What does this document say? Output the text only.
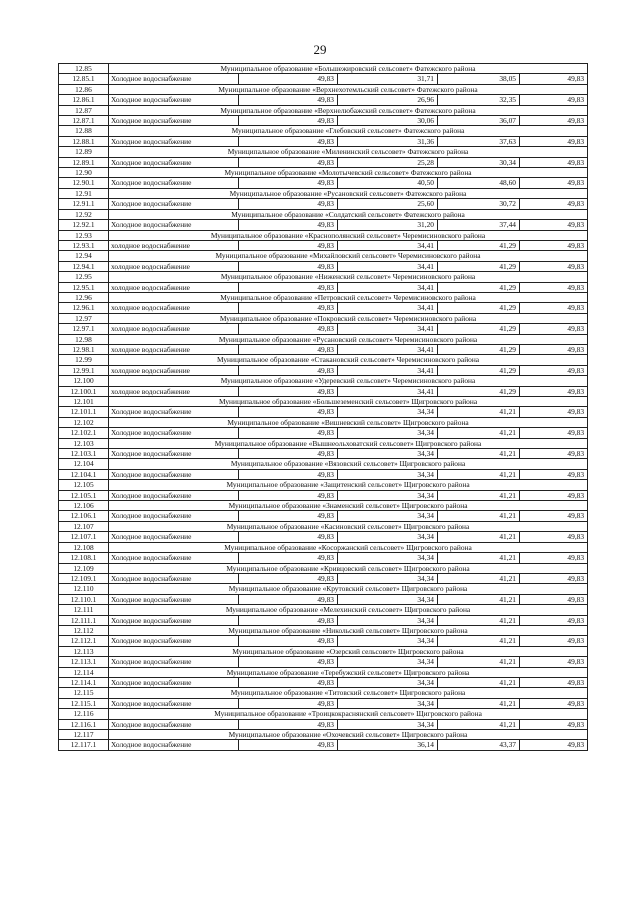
29
12.85	Муниципальное образование «Большежировский сельсовет» Фатежского района				
12.85.1	Холодное водоснабжение	49,83	31,71	38,05	49,83
12.86	Муниципальное образование «Верхнехотемльский сельсовет» Фатежского района				
12.86.1	Холодное водоснабжение	49,83	26,96	32,35	49,83
12.87	Муниципальное образование «Верхнелюбажский сельсовет» Фатежского района				
12.87.1	Холодное водоснабжение	49,83	30,06	36,07	49,83
12.88	Муниципальное образование «Глебовский сельсовет» Фатежского района				
12.88.1	Холодное водоснабжение	49,83	31,36	37,63	49,83
12.89	Муниципальное образование «Миленинский сельсовет» Фатежского района				
12.89.1	Холодное водоснабжение	49,83	25,28	30,34	49,83
12.90	Муниципальное образование «Молотычевский сельсовет» Фатежского района				
12.90.1	Холодное водоснабжение	49,83	40,50	48,60	49,83
12.91	Муниципальное образование «Русановский сельсовет» Фатежского района				
12.91.1	Холодное водоснабжение	49,83	25,60	30,72	49,83
12.92	Муниципальное образование «Солдатский сельсовет» Фатежского района				
12.92.1	Холодное водоснабжение	49,83	31,20	37,44	49,83
12.93	Муниципальное образование «Краснополянский сельсовет» Черемисиновского района				
12.93.1	холодное водоснабжение	49,83	34,41	41,29	49,83
12.94	Муниципальное образование «Михайловский сельсовет» Черемисиновского района				
12.94.1	холодное водоснабжение	49,83	34,41	41,29	49,83
12.95	Муниципальное образование «Ниженский сельсовет» Черемисиновского района				
12.95.1	холодное водоснабжение	49,83	34,41	41,29	49,83
12.96	Муниципальное образование «Петровский сельсовет» Черемисиновского района				
12.96.1	холодное водоснабжение	49,83	34,41	41,29	49,83
12.97	Муниципальное образование «Покровский сельсовет» Черемисиновского района				
12.97.1	холодное водоснабжение	49,83	34,41	41,29	49,83
12.98	Муниципальное образование «Русановский сельсовет» Черемисиновского района				
12.98.1	холодное водоснабжение	49,83	34,41	41,29	49,83
12.99	Муниципальное образование «Стакановский сельсовет» Черемисиновского района				
12.99.1	холодное водоснабжение	49,83	34,41	41,29	49,83
12.100	Муниципальное образование «Удеревский сельсовет» Черемисиновского района				
12.100.1	холодное водоснабжение	49,83	34,41	41,29	49,83
12.101	Муниципальное образование «Большеземенский сельсовет» Щигровского района				
12.101.1	Холодное водоснабжение	49,83	34,34	41,21	49,83
12.102	Муниципальное образование «Вишневский сельсовет» Щигровского района				
12.102.1	Холодное водоснабжение	49,83	34,34	41,21	49,83
12.103	Муниципальное образование «Вышнеольховатский сельсовет» Щигровского района				
12.103.1	Холодное водоснабжение	49,83	34,34	41,21	49,83
12.104	Муниципальное образование «Вязовский сельсовет» Щигровского района				
12.104.1	Холодное водоснабжение	49,83	34,34	41,21	49,83
12.105	Муниципальное образование «Защитенский сельсовет» Щигровского района				
12.105.1	Холодное водоснабжение	49,83	34,34	41,21	49,83
12.106	Муниципальное образование «Знаменский сельсовет» Щигровского района				
12.106.1	Холодное водоснабжение	49,83	34,34	41,21	49,83
12.107	Муниципальное образование «Касиновский сельсовет» Щигровского района				
12.107.1	Холодное водоснабжение	49,83	34,34	41,21	49,83
12.108	Муниципальное образование «Косоржанский сельсовет» Щигровского района				
12.108.1	Холодное водоснабжение	49,83	34,34	41,21	49,83
12.109	Муниципальное образование «Кривцовский сельсовет» Щигровского района				
12.109.1	Холодное водоснабжение	49,83	34,34	41,21	49,83
12.110	Муниципальное образование «Крутовский сельсовет» Щигровского района				
12.110.1	Холодное водоснабжение	49,83	34,34	41,21	49,83
12.111	Муниципальное образование «Мелехинский сельсовет» Щигровского района				
12.111.1	Холодное водоснабжение	49,83	34,34	41,21	49,83
12.112	Муниципальное образование «Никольский сельсовет» Щигровского района				
12.112.1	Холодное водоснабжение	49,83	34,34	41,21	49,83
12.113	Муниципальное образование «Озерский сельсовет» Щигровского района				
12.113.1	Холодное водоснабжение	49,83	34,34	41,21	49,83
12.114	Муниципальное образование «Теребужский сельсовет» Щигровского района				
12.114.1	Холодное водоснабжение	49,83	34,34	41,21	49,83
12.115	Муниципальное образование «Титовский сельсовет» Щигровского района				
12.115.1	Холодное водоснабжение	49,83	34,34	41,21	49,83
12.116	Муниципальное образование «Троицкокраснянский сельсовет» Щигровского района				
12.116.1	Холодное водоснабжение	49,83	34,34	41,21	49,83
12.117	Муниципальное образование «Охочевский сельсовет» Щигровского района				
12.117.1	Холодное водоснабжение	49,83	36,14	43,37	49,83
